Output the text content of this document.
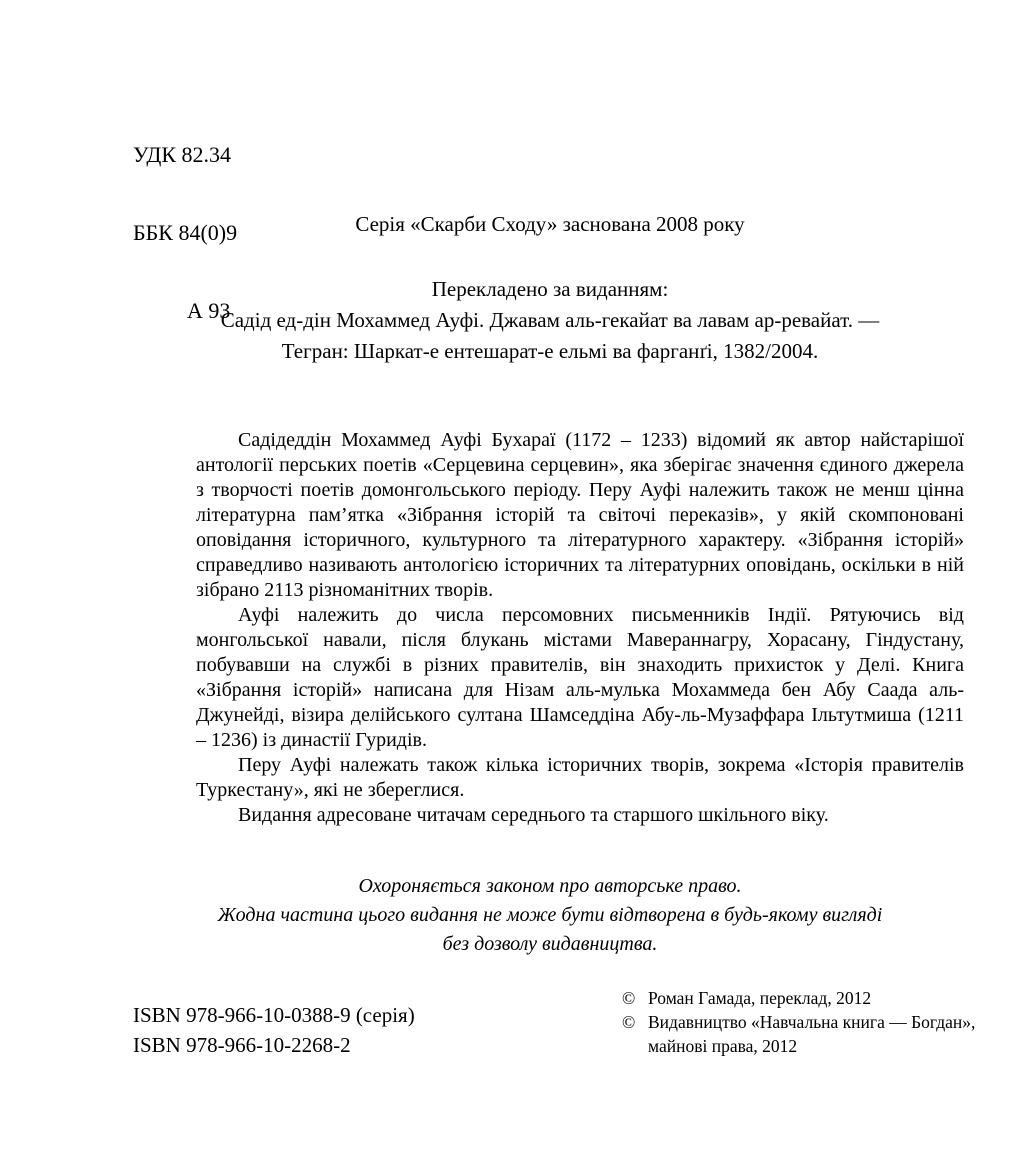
УДК 82.34

ББК 84(0)9

А 93

Серія «Скарби Сходу» заснована 2008 року
Перекладено за виданням:
Садід ед-дін Мохаммед Ауфі. Джавам аль-гекайат ва лавам ар-ревайат. —
Тегран: Шаркат-е ентешарат-е ельмі ва фарганґі, 1382/2004.

Садідеддін Мохаммед Ауфі Бухараї (1172 – 1233) відомий як автор найстарішої антології перських поетів «Серцевина серцевин», яка зберігає значення єдиного джерела з творчості поетів домонгольського періоду. Перу Ауфі належить також не менш цінна літературна пам’ятка «Зібрання історій та світочі переказів», у якій скомпоновані оповідання історичного, культурного та літературного характеру. «Зібрання історій» справедливо називають антологією історичних та літературних оповідань, оскільки в ній зібрано 2113 різноманітних творів.

Ауфі належить до числа персомовних письменників Індії. Рятуючись від монгольської навали, після блукань містами Мавераннагру, Хорасану, Гіндустану, побувавши на службі в різних правителів, він знаходить прихисток у Делі. Книга «Зібрання історій» написана для Нізам аль-мулька Мохаммеда бен Абу Саада аль-Джунейді, візира делійського султана Шамседдіна Абу-ль-Музаффара Ільтутмиша (1211 – 1236) із династії Гуридів.

Перу Ауфі належать також кілька історичних творів, зокрема «Історія правителів Туркестану», які не збереглися.

Видання адресоване читачам середнього та старшого шкільного віку.

Охороняється законом про авторське право.
Жодна частина цього видання не може бути відтворена в будь-якому вигляді
без дозволу видавництва.
ISBN 978-966-10-0388-9 (серія)
ISBN 978-966-10-2268-2
© Роман Гамада, переклад, 2012
© Видавництво «Навчальна книга — Богдан»,
майнові права, 2012
